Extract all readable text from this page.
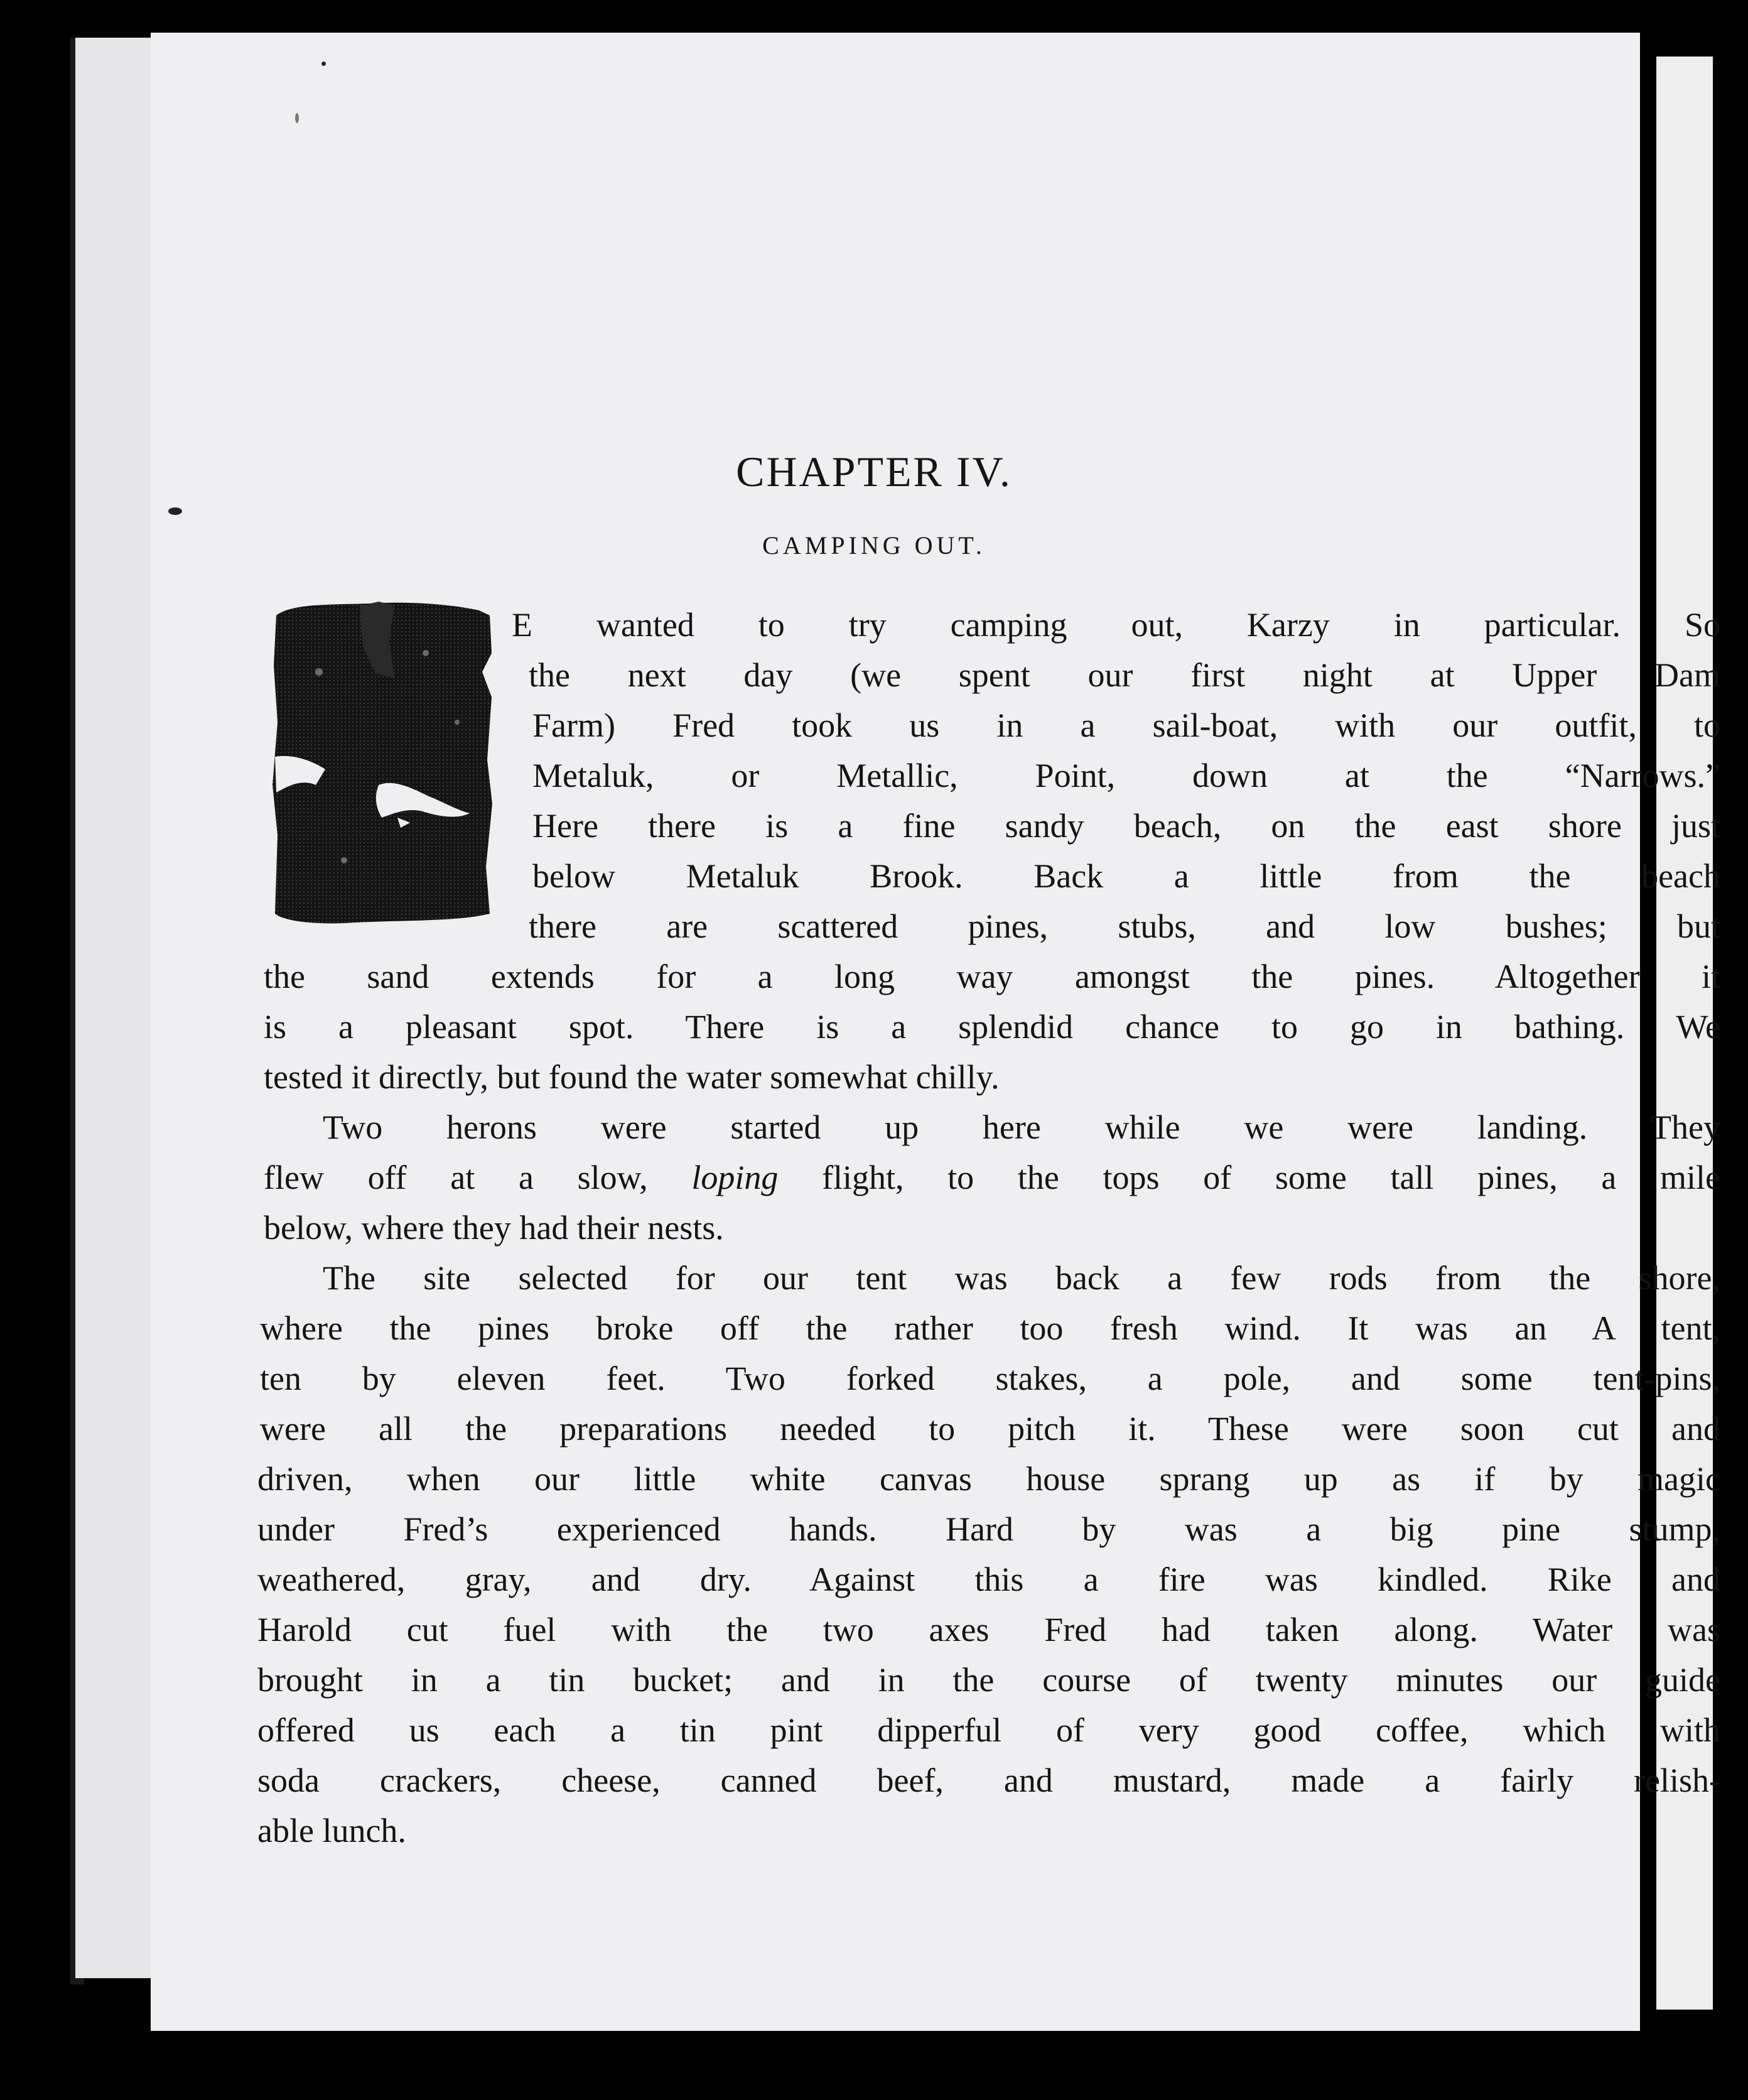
CHAPTER IV.
CAMPING OUT.
E wanted to try camping out, Karzy in particular. So
the next day (we spent our first night at Upper Dam
Farm) Fred took us in a sail-boat, with our outfit, to
Metaluk, or Metallic, Point, down at the “Narrows.”
Here there is a fine sandy beach, on the east shore just
below Metaluk Brook. Back a little from the beach
there are scattered pines, stubs, and low bushes; but
the sand extends for a long way amongst the pines. Altogether it
is a pleasant spot. There is a splendid chance to go in bathing. We
tested it directly, but found the water somewhat chilly.
Two herons were started up here while we were landing. They
flew off at a slow, loping flight, to the tops of some tall pines, a mile
below, where they had their nests.
The site selected for our tent was back a few rods from the shore,
where the pines broke off the rather too fresh wind. It was an A tent,
ten by eleven feet. Two forked stakes, a pole, and some tent-pins,
were all the preparations needed to pitch it. These were soon cut and
driven, when our little white canvas house sprang up as if by magic
under Fred’s experienced hands. Hard by was a big pine stump,
weathered, gray, and dry. Against this a fire was kindled. Rike and
Harold cut fuel with the two axes Fred had taken along. Water was
brought in a tin bucket; and in the course of twenty minutes our guide
offered us each a tin pint dipperful of very good coffee, which with
soda crackers, cheese, canned beef, and mustard, made a fairly relish-
able lunch.
